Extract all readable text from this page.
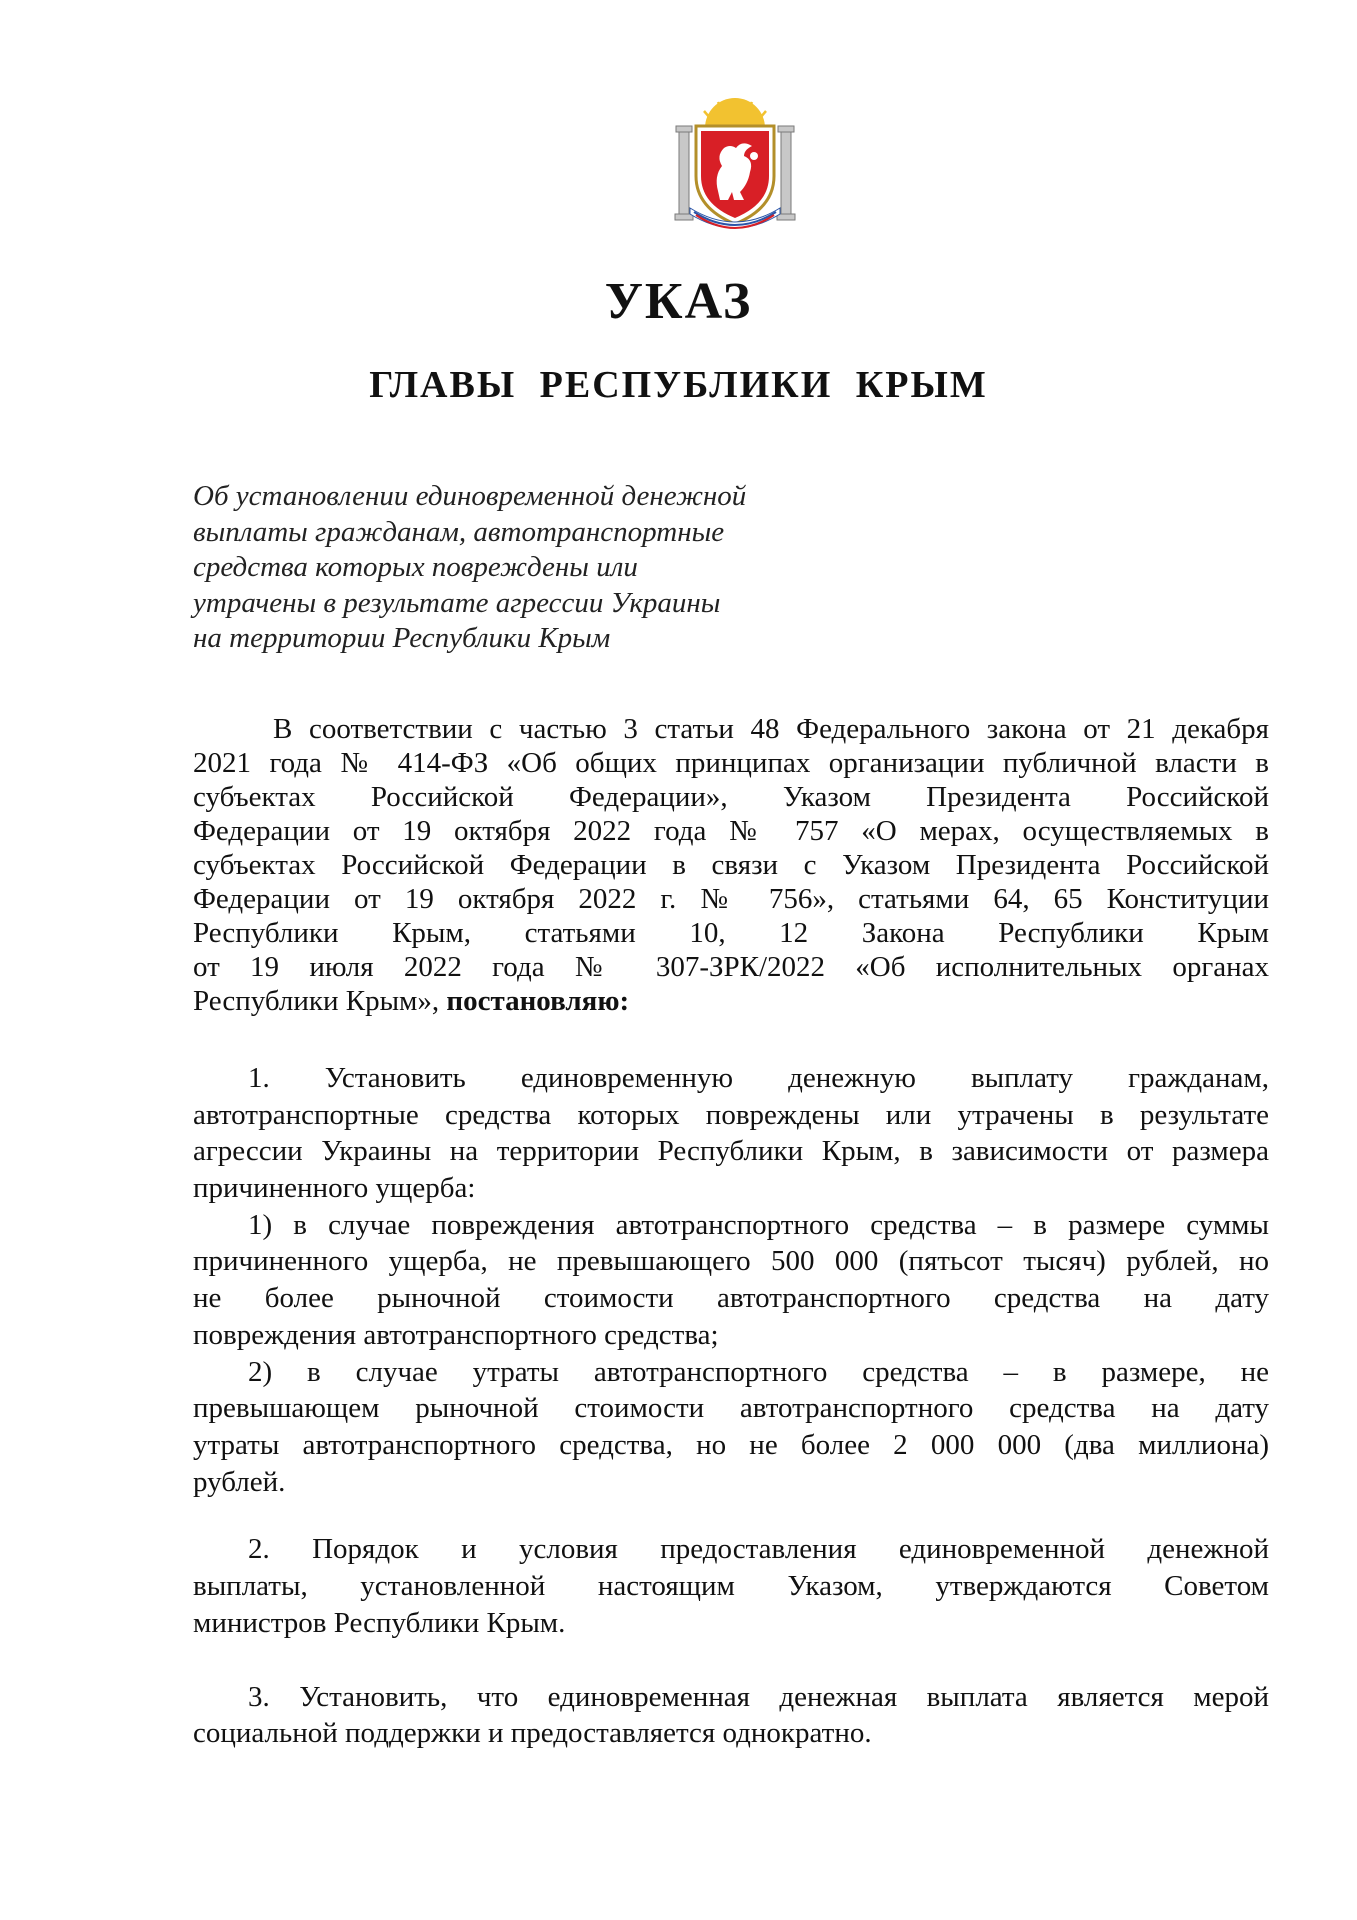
УКАЗ
ГЛАВЫ РЕСПУБЛИКИ КРЫМ
Об установлении единовременной денежной
выплаты гражданам, автотранспортные
средства которых повреждены или
утрачены в результате агрессии Украины
на территории Республики Крым
В соответствии с частью 3 статьи 48 Федерального закона от 21 декабря
2021 года № 414-ФЗ «Об общих принципах организации публичной власти в
субъектах Российской Федерации», Указом Президента Российской
Федерации от 19 октября 2022 года № 757 «О мерах, осуществляемых в
субъектах Российской Федерации в связи с Указом Президента Российской
Федерации от 19 октября 2022 г. № 756», статьями 64, 65 Конституции
Республики Крым, статьями 10, 12 Закона Республики Крым
от 19 июля 2022 года № 307-ЗРК/2022 «Об исполнительных органах
Республики Крым», постановляю:
1. Установить единовременную денежную выплату гражданам,
автотранспортные средства которых повреждены или утрачены в результате
агрессии Украины на территории Республики Крым, в зависимости от размера
причиненного ущерба:
1) в случае повреждения автотранспортного средства – в размере суммы
причиненного ущерба, не превышающего 500 000 (пятьсот тысяч) рублей, но
не более рыночной стоимости автотранспортного средства на дату
повреждения автотранспортного средства;
2) в случае утраты автотранспортного средства – в размере, не
превышающем рыночной стоимости автотранспортного средства на дату
утраты автотранспортного средства, но не более 2 000 000 (два миллиона)
рублей.
2. Порядок и условия предоставления единовременной денежной
выплаты, установленной настоящим Указом, утверждаются Советом
министров Республики Крым.
3. Установить, что единовременная денежная выплата является мерой
социальной поддержки и предоставляется однократно.
